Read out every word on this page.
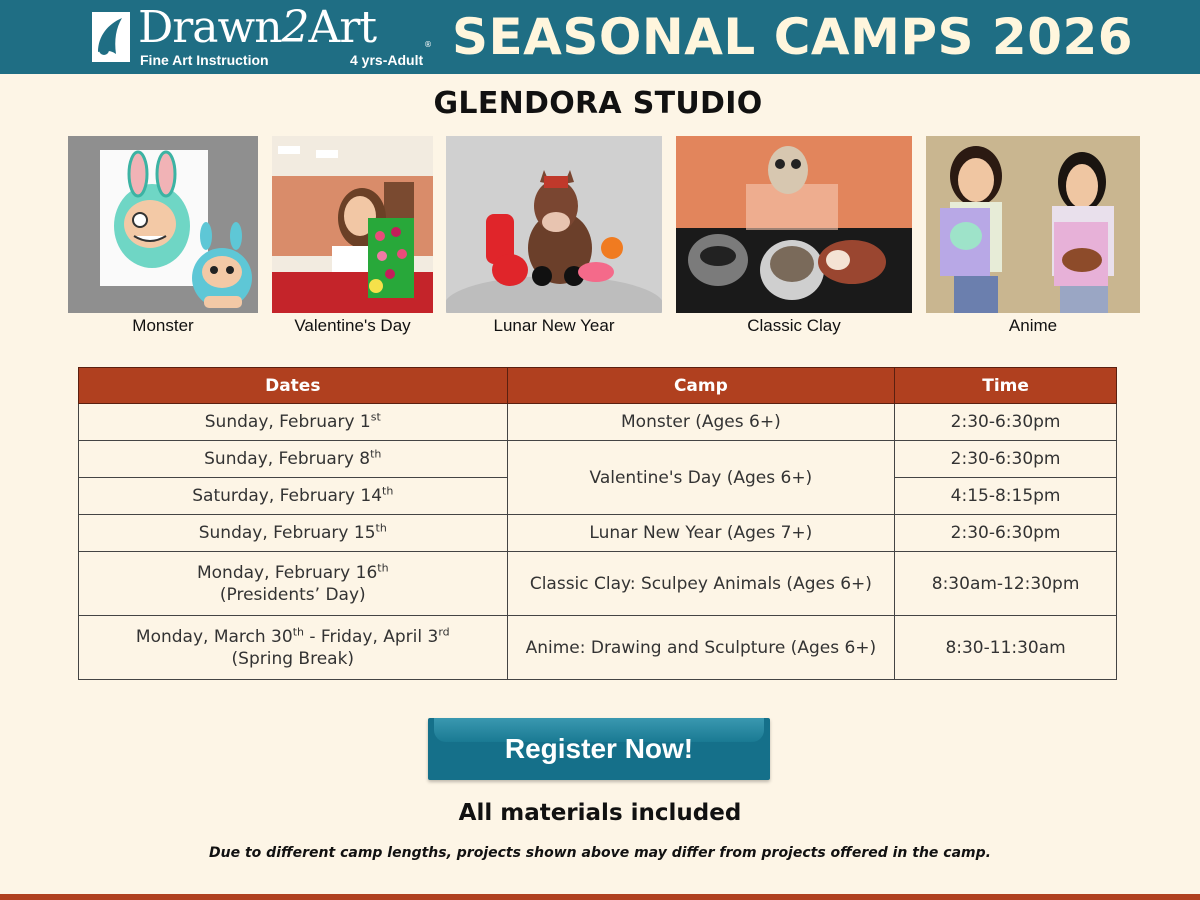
Drawn2Art	®
Fine Art Instruction	4 yrs-Adult SEASONAL CAMPS 2026
GLENDORA STUDIO
Monster	Valentine's Day	Lunar New Year	Classic Clay	Anime
Dates	Camp	Time
Sunday, February 1st	Monster (Ages 6+)	2:30-6:30pm
Sunday, February 8th	Valentine's Day (Ages 6+)	2:30-6:30pm
Saturday, February 14th		4:15-8:15pm
Sunday, February 15th	Lunar New Year (Ages 7+)	2:30-6:30pm
Monday, February 16th
(Presidents’ Day)	Classic Clay: Sculpey Animals (Ages 6+)	8:30am-12:30pm
Monday, March 30th - Friday, April 3rd
(Spring Break)	Anime: Drawing and Sculpture (Ages 6+)	8:30-11:30am
Register Now!
All materials included
Due to different camp lengths, projects shown above may differ from projects offered in the camp.
